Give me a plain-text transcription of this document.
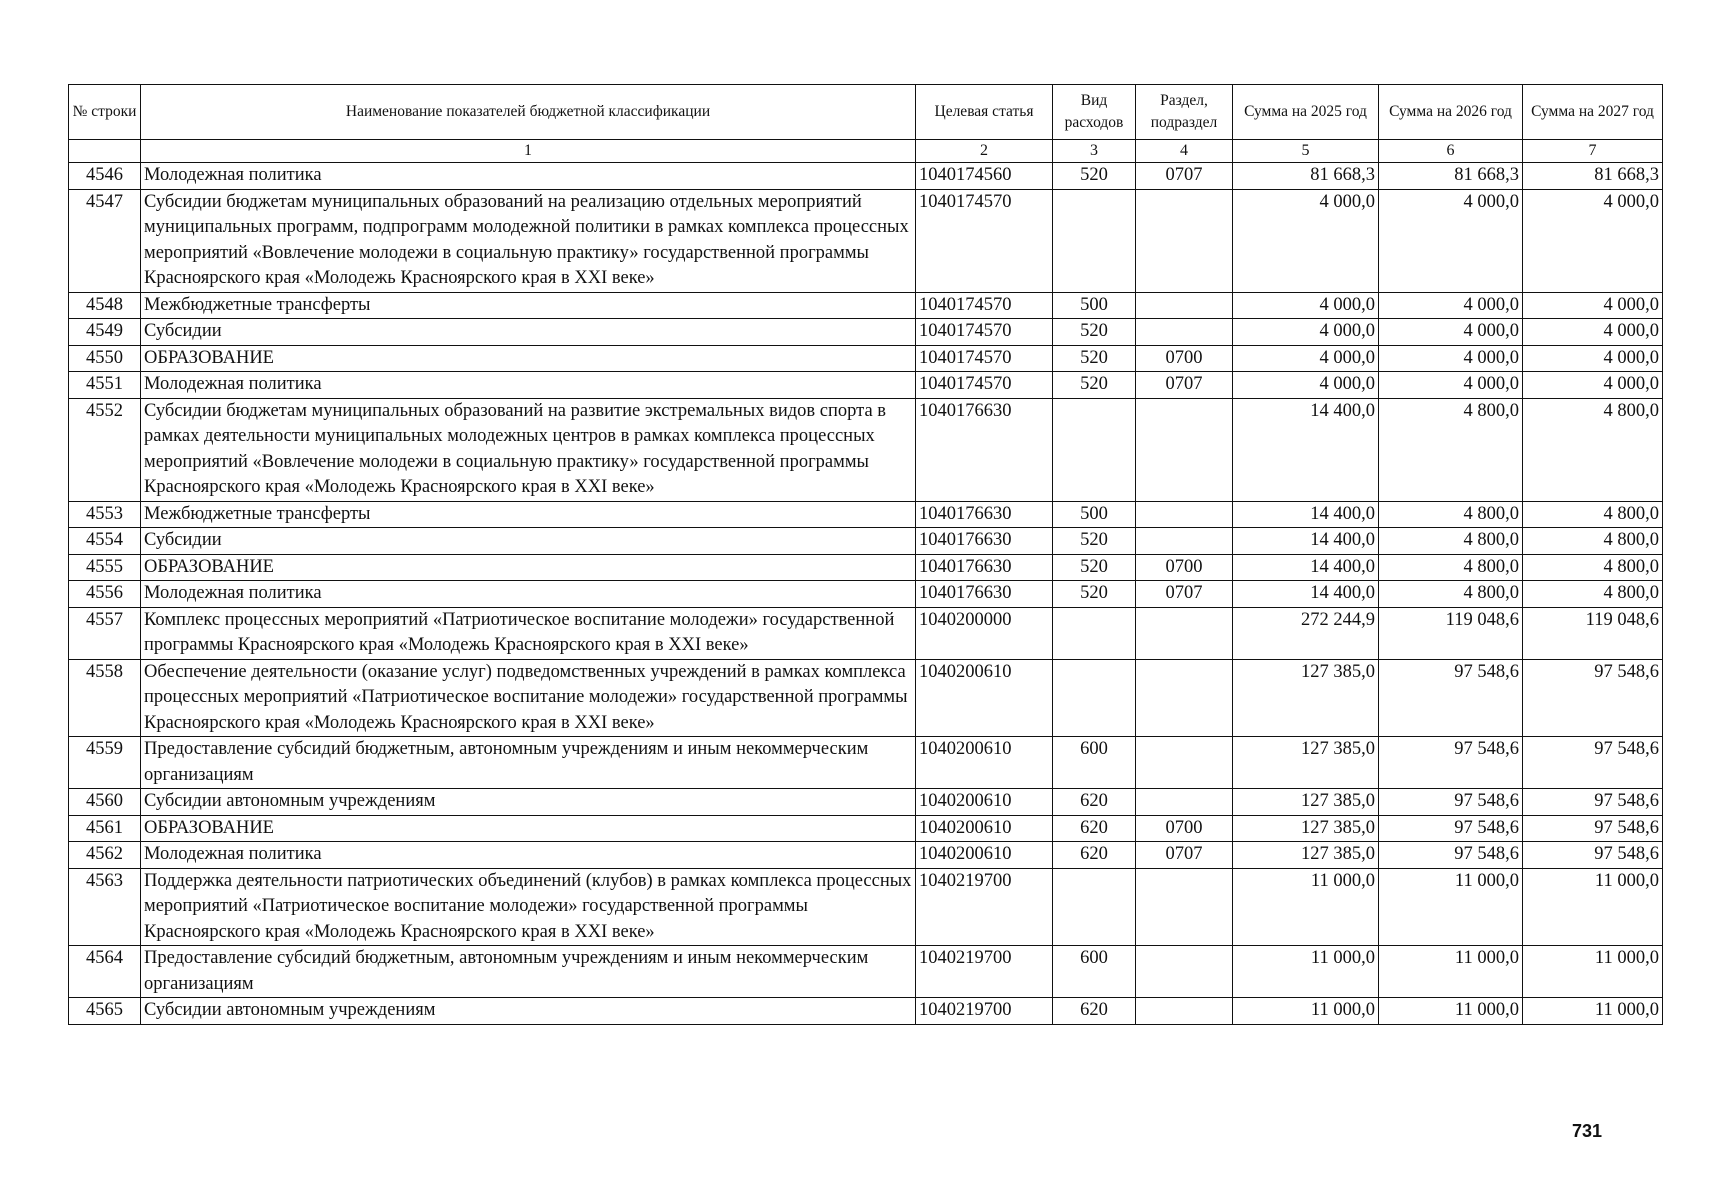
№ строки	Наименование показателей бюджетной классификации	Целевая статья	Вид расходов	Раздел, подраздел	Сумма на 2025 год	Сумма на 2026 год	Сумма на 2027 год
	1	2	3	4	5	6	7
4546	Молодежная политика	1040174560	520	0707	81 668,3	81 668,3	81 668,3
4547	Субсидии бюджетам муниципальных образований на реализацию отдельных мероприятий муниципальных программ, подпрограмм молодежной политики в рамках комплекса процессных мероприятий «Вовлечение молодежи в социальную практику» государственной программы Красноярского края «Молодежь Красноярского края в XXI веке»	1040174570			4 000,0	4 000,0	4 000,0
4548	Межбюджетные трансферты	1040174570	500		4 000,0	4 000,0	4 000,0
4549	Субсидии	1040174570	520		4 000,0	4 000,0	4 000,0
4550	ОБРАЗОВАНИЕ	1040174570	520	0700	4 000,0	4 000,0	4 000,0
4551	Молодежная политика	1040174570	520	0707	4 000,0	4 000,0	4 000,0
4552	Субсидии бюджетам муниципальных образований на развитие экстремальных видов спорта в рамках деятельности муниципальных молодежных центров в рамках комплекса процессных мероприятий «Вовлечение молодежи в социальную практику» государственной программы Красноярского края «Молодежь Красноярского края в XXI веке»	1040176630			14 400,0	4 800,0	4 800,0
4553	Межбюджетные трансферты	1040176630	500		14 400,0	4 800,0	4 800,0
4554	Субсидии	1040176630	520		14 400,0	4 800,0	4 800,0
4555	ОБРАЗОВАНИЕ	1040176630	520	0700	14 400,0	4 800,0	4 800,0
4556	Молодежная политика	1040176630	520	0707	14 400,0	4 800,0	4 800,0
4557	Комплекс процессных мероприятий «Патриотическое воспитание молодежи» государственной программы Красноярского края «Молодежь Красноярского края в XXI веке»	1040200000			272 244,9	119 048,6	119 048,6
4558	Обеспечение деятельности (оказание услуг) подведомственных учреждений в рамках комплекса процессных мероприятий «Патриотическое воспитание молодежи» государственной программы Красноярского края «Молодежь Красноярского края в XXI веке»	1040200610			127 385,0	97 548,6	97 548,6
4559	Предоставление субсидий бюджетным, автономным учреждениям и иным некоммерческим организациям	1040200610	600		127 385,0	97 548,6	97 548,6
4560	Субсидии автономным учреждениям	1040200610	620		127 385,0	97 548,6	97 548,6
4561	ОБРАЗОВАНИЕ	1040200610	620	0700	127 385,0	97 548,6	97 548,6
4562	Молодежная политика	1040200610	620	0707	127 385,0	97 548,6	97 548,6
4563	Поддержка деятельности патриотических объединений (клубов) в рамках комплекса процессных мероприятий «Патриотическое воспитание молодежи» государственной программы Красноярского края «Молодежь Красноярского края в XXI веке»	1040219700			11 000,0	11 000,0	11 000,0
4564	Предоставление субсидий бюджетным, автономным учреждениям и иным некоммерческим организациям	1040219700	600		11 000,0	11 000,0	11 000,0
4565	Субсидии автономным учреждениям	1040219700	620		11 000,0	11 000,0	11 000,0
731
